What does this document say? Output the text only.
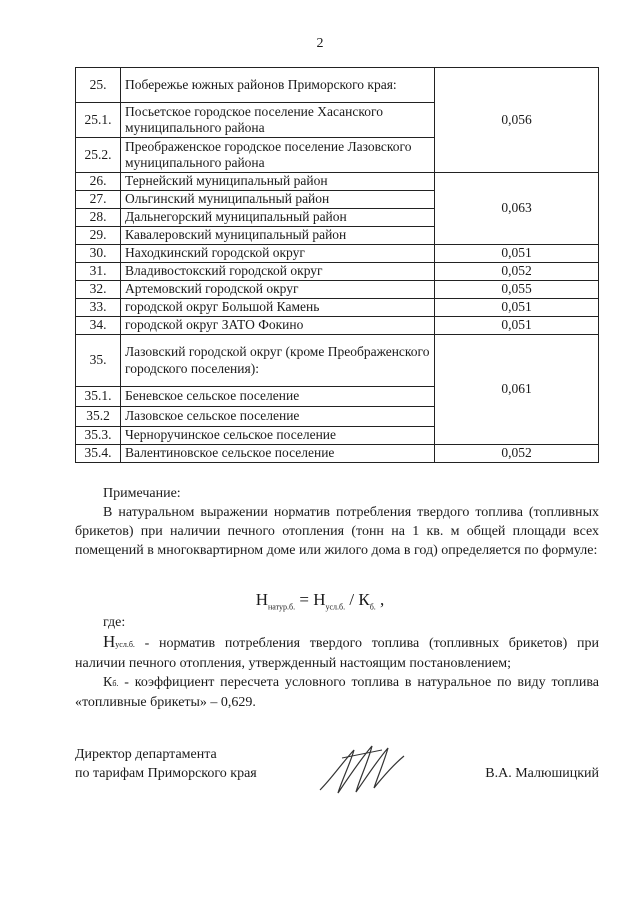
2
25.	Побережье южных районов Приморского края:	0,056
25.1.	Посьетское городское поселение Хасанского муниципального района	
25.2.	Преображенское городское поселение Лазовского муниципального района	
26.	Тернейский муниципальный район	0,063
27.	Ольгинский муниципальный район	
28.	Дальнегорский муниципальный район	
29.	Кавалеровский муниципальный район	
30.	Находкинский городской округ	0,051
31.	Владивостокский городской округ	0,052
32.	Артемовский городской округ	0,055
33.	городской округ Большой Камень	0,051
34.	городской округ ЗАТО Фокино	0,051
35.	Лазовский городской округ (кроме Преображенского городского поселения):	0,061
35.1.	Беневское сельское поселение	
35.2	Лазовское сельское поселение	
35.3.	Черноручинское сельское поселение	
35.4.	Валентиновское сельское поселение	0,052

Примечание:

В натуральном выражении норматив потребления твердого топлива (топливных брикетов) при наличии печного отопления (тонн на 1 кв. м общей площади всех помещений в многоквартирном доме или жилого дома в год) определяется по формуле:

$Н_{натур.б.} = Н_{усл.б.} / К_{б.}$ ,

где:

Нусл.б. - норматив потребления твердого топлива (топливных брикетов) при наличии печного отопления, утвержденный настоящим постановлением;

Кб. - коэффициент пересчета условного топлива в натуральное по виду топлива «топливные брикеты» – 0,629.

Директор департамента
по тарифам Приморского края	В.А. Малюшицкий
